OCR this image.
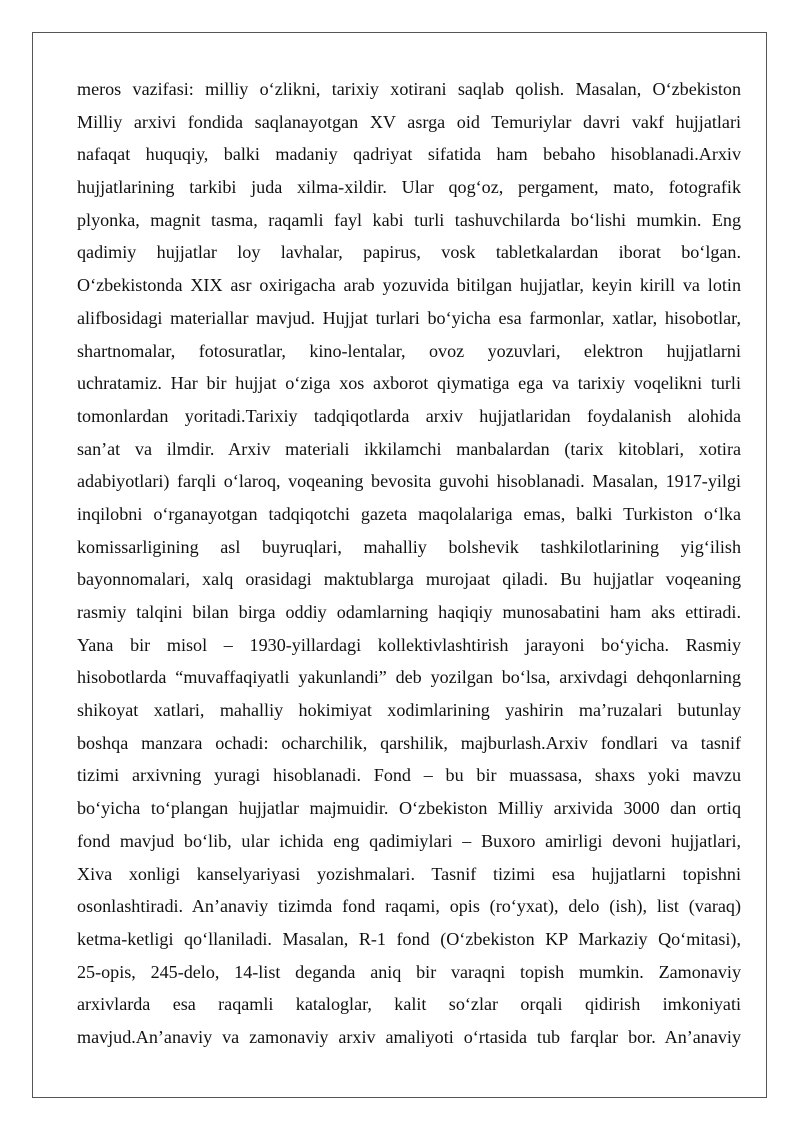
meros vazifasi: milliy o‘zlikni, tarixiy xotirani saqlab qolish. Masalan, O‘zbekiston
Milliy arxivi fondida saqlanayotgan XV asrga oid Temuriylar davri vakf hujjatlari
nafaqat huquqiy, balki madaniy qadriyat sifatida ham bebaho hisoblanadi.Arxiv
hujjatlarining tarkibi juda xilma-xildir. Ular qog‘oz, pergament, mato, fotografik
plyonka, magnit tasma, raqamli fayl kabi turli tashuvchilarda bo‘lishi mumkin. Eng
qadimiy hujjatlar loy lavhalar, papirus, vosk tabletkalardan iborat bo‘lgan.
O‘zbekistonda XIX asr oxirigacha arab yozuvida bitilgan hujjatlar, keyin kirill va lotin
alifbosidagi materiallar mavjud. Hujjat turlari bo‘yicha esa farmonlar, xatlar, hisobotlar,
shartnomalar, fotosuratlar, kino-lentalar, ovoz yozuvlari, elektron hujjatlarni
uchratamiz. Har bir hujjat o‘ziga xos axborot qiymatiga ega va tarixiy voqelikni turli
tomonlardan yoritadi.Tarixiy tadqiqotlarda arxiv hujjatlaridan foydalanish alohida
san’at va ilmdir. Arxiv materiali ikkilamchi manbalardan (tarix kitoblari, xotira
adabiyotlari) farqli o‘laroq, voqeaning bevosita guvohi hisoblanadi. Masalan, 1917-yilgi
inqilobni o‘rganayotgan tadqiqotchi gazeta maqolalariga emas, balki Turkiston o‘lka
komissarligining asl buyruqlari, mahalliy bolshevik tashkilotlarining yig‘ilish
bayonnomalari, xalq orasidagi maktublarga murojaat qiladi. Bu hujjatlar voqeaning
rasmiy talqini bilan birga oddiy odamlarning haqiqiy munosabatini ham aks ettiradi.
Yana bir misol – 1930-yillardagi kollektivlashtirish jarayoni bo‘yicha. Rasmiy
hisobotlarda “muvaffaqiyatli yakunlandi” deb yozilgan bo‘lsa, arxivdagi dehqonlarning
shikoyat xatlari, mahalliy hokimiyat xodimlarining yashirin ma’ruzalari butunlay
boshqa manzara ochadi: ocharchilik, qarshilik, majburlash.Arxiv fondlari va tasnif
tizimi arxivning yuragi hisoblanadi. Fond – bu bir muassasa, shaxs yoki mavzu
bo‘yicha to‘plangan hujjatlar majmuidir. O‘zbekiston Milliy arxivida 3000 dan ortiq
fond mavjud bo‘lib, ular ichida eng qadimiylari – Buxoro amirligi devoni hujjatlari,
Xiva xonligi kanselyariyasi yozishmalari. Tasnif tizimi esa hujjatlarni topishni
osonlashtiradi. An’anaviy tizimda fond raqami, opis (ro‘yxat), delo (ish), list (varaq)
ketma-ketligi qo‘llaniladi. Masalan, R-1 fond (O‘zbekiston KP Markaziy Qo‘mitasi),
25-opis, 245-delo, 14-list deganda aniq bir varaqni topish mumkin. Zamonaviy
arxivlarda esa raqamli kataloglar, kalit so‘zlar orqali qidirish imkoniyati
mavjud.An’anaviy va zamonaviy arxiv amaliyoti o‘rtasida tub farqlar bor. An’anaviy
